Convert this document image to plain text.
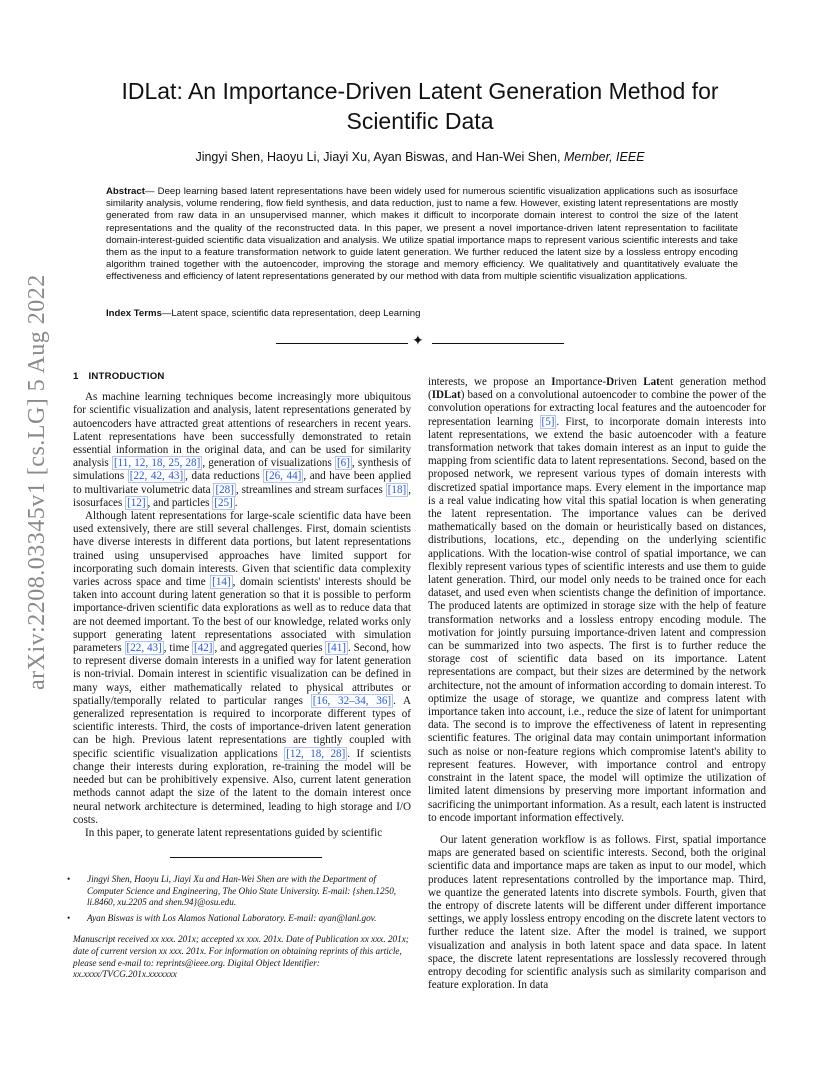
arXiv:2208.03345v1 [cs.LG] 5 Aug 2022
IDLat: An Importance-Driven Latent Generation Method for
Scientific Data
Jingyi Shen, Haoyu Li, Jiayi Xu, Ayan Biswas, and Han-Wei Shen, Member, IEEE
Abstract— Deep learning based latent representations have been widely used for numerous scientific visualization applications such as isosurface similarity analysis, volume rendering, flow field synthesis, and data reduction, just to name a few. However, existing latent representations are mostly generated from raw data in an unsupervised manner, which makes it difficult to incorporate domain interest to control the size of the latent representations and the quality of the reconstructed data. In this paper, we present a novel importance-driven latent representation to facilitate domain-interest-guided scientific data visualization and analysis. We utilize spatial importance maps to represent various scientific interests and take them as the input to a feature transformation network to guide latent generation. We further reduced the latent size by a lossless entropy encoding algorithm trained together with the autoencoder, improving the storage and memory efficiency. We qualitatively and quantitatively evaluate the effectiveness and efficiency of latent representations generated by our method with data from multiple scientific visualization applications.
Index Terms—Latent space, scientific data representation, deep Learning
✦
1 INTRODUCTION

As machine learning techniques become increasingly more ubiquitous for scientific visualization and analysis, latent representations generated by autoencoders have attracted great attentions of researchers in recent years. Latent representations have been successfully demonstrated to retain essential information in the original data, and can be used for similarity analysis [11, 12, 18, 25, 28] , generation of visualizations [6] , synthesis of simulations [22, 42, 43] , data reductions [26, 44] , and have been applied to multivariate volumetric data [28] , streamlines and stream surfaces [18] , isosurfaces [12] , and particles [25] .

Although latent representations for large-scale scientific data have been used extensively, there are still several challenges. First, domain scientists have diverse interests in different data portions, but latent representations trained using unsupervised approaches have limited support for incorporating such domain interests. Given that scientific data complexity varies across space and time [14] , domain scientists' interests should be taken into account during latent generation so that it is possible to perform importance-driven scientific data explorations as well as to reduce data that are not deemed important. To the best of our knowledge, related works only support generating latent representations associated with simulation parameters [22, 43] , time [42] , and aggregated queries [41] . Second, how to represent diverse domain interests in a unified way for latent generation is non-trivial. Domain interest in scientific visualization can be defined in many ways, either mathematically related to physical attributes or spatially/temporally related to particular ranges [16, 32–34, 36] . A generalized representation is required to incorporate different types of scientific interests. Third, the costs of importance-driven latent generation can be high. Previous latent representations are tightly coupled with specific scientific visualization applications [12, 18, 28] . If scientists change their interests during exploration, re-training the model will be needed but can be prohibitively expensive. Also, current latent generation methods cannot adapt the size of the latent to the domain interest once neural network architecture is determined, leading to high storage and I/O costs.

In this paper, to generate latent representations guided by scientific

• Jingyi Shen, Haoyu Li, Jiayi Xu and Han-Wei Shen are with the Department of Computer Science and Engineering, The Ohio State University. E-mail: {shen.1250, li.8460, xu.2205 and shen.94}@osu.edu.
• Ayan Biswas is with Los Alamos National Laboratory. E-mail: ayan@lanl.gov.
Manuscript received xx xxx. 201x; accepted xx xxx. 201x. Date of Publication xx xxx. 201x; date of current version xx xxx. 201x. For information on obtaining reprints of this article, please send e-mail to: reprints@ieee.org. Digital Object Identifier: xx.xxxx/TVCG.201x.xxxxxxx

interests, we propose an Importance-Driven Latent generation method (IDLat) based on a convolutional autoencoder to combine the power of the convolution operations for extracting local features and the autoencoder for representation learning [5] . First, to incorporate domain interests into latent representations, we extend the basic autoencoder with a feature transformation network that takes domain interest as an input to guide the mapping from scientific data to latent representations. Second, based on the proposed network, we represent various types of domain interests with discretized spatial importance maps. Every element in the importance map is a real value indicating how vital this spatial location is when generating the latent representation. The importance values can be derived mathematically based on the domain or heuristically based on distances, distributions, locations, etc., depending on the underlying scientific applications. With the location-wise control of spatial importance, we can flexibly represent various types of scientific interests and use them to guide latent generation. Third, our model only needs to be trained once for each dataset, and used even when scientists change the definition of importance. The produced latents are optimized in storage size with the help of feature transformation networks and a lossless entropy encoding module. The motivation for jointly pursuing importance-driven latent and compression can be summarized into two aspects. The first is to further reduce the storage cost of scientific data based on its importance. Latent representations are compact, but their sizes are determined by the network architecture, not the amount of information according to domain interest. To optimize the usage of storage, we quantize and compress latent with importance taken into account, i.e., reduce the size of latent for unimportant data. The second is to improve the effectiveness of latent in representing scientific features. The original data may contain unimportant information such as noise or non-feature regions which compromise latent's ability to represent features. However, with importance control and entropy constraint in the latent space, the model will optimize the utilization of limited latent dimensions by preserving more important information and sacrificing the unimportant information. As a result, each latent is instructed to encode important information effectively.

Our latent generation workflow is as follows. First, spatial importance maps are generated based on scientific interests. Second, both the original scientific data and importance maps are taken as input to our model, which produces latent representations controlled by the importance map. Third, we quantize the generated latents into discrete symbols. Fourth, given that the entropy of discrete latents will be different under different importance settings, we apply lossless entropy encoding on the discrete latent vectors to further reduce the latent size. After the model is trained, we support visualization and analysis in both latent space and data space. In latent space, the discrete latent representations are losslessly recovered through entropy decoding for scientific analysis such as similarity comparison and feature exploration. In data
